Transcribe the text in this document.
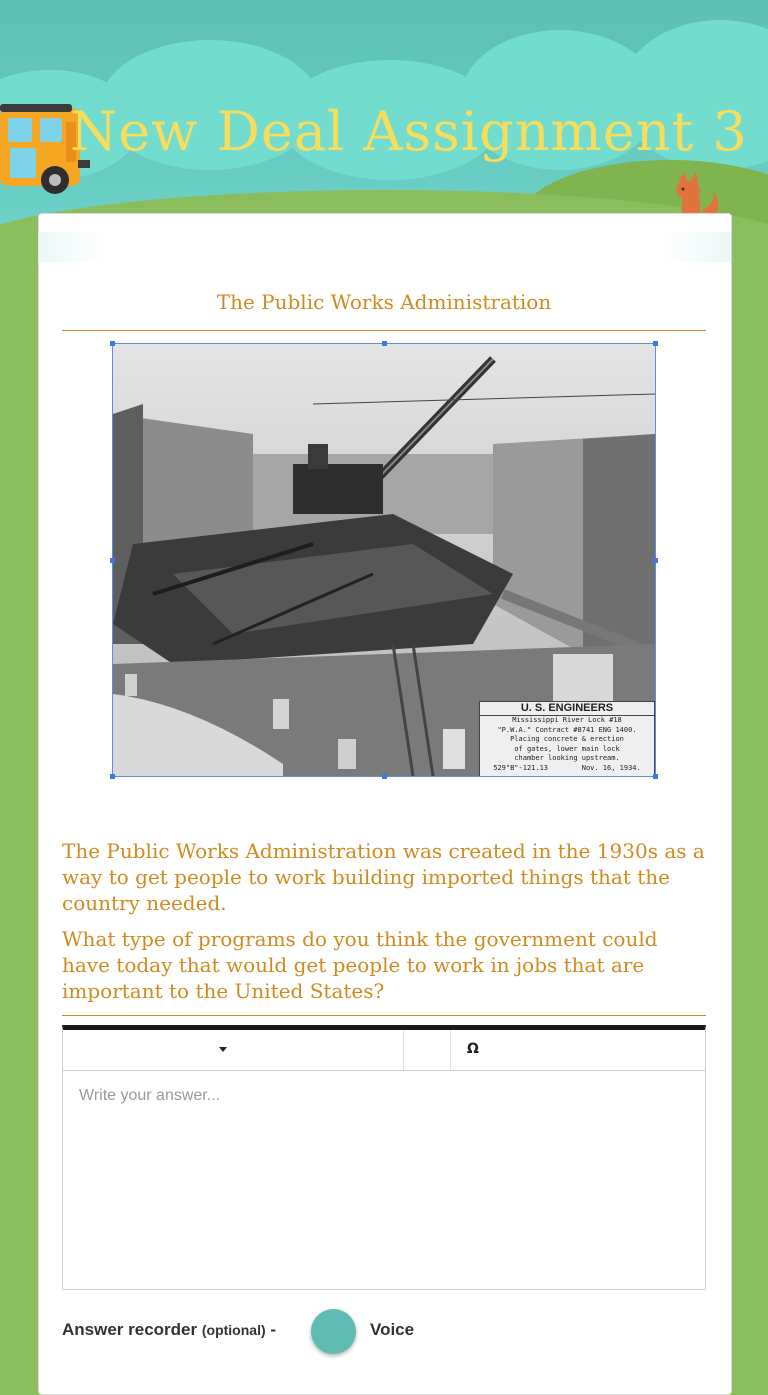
New Deal Assignment 3
The Public Works Administration
U. S. ENGINEERS
Mississippi River Lock #18
"P.W.A." Contract #8741 ENG 1400.
Placing concrete & erection
of gates, lower main lock
chamber looking upstream.
529"B"-121.13        Nov. 16, 1934.

The Public Works Administration was created in the 1930s as a way to get people to work building imported things that the country needed.

What type of programs do you think the government could have today that would get people to work in jobs that are important to the United States?

Ω
Write your answer...
Answer recorder (optional) -	Voice
